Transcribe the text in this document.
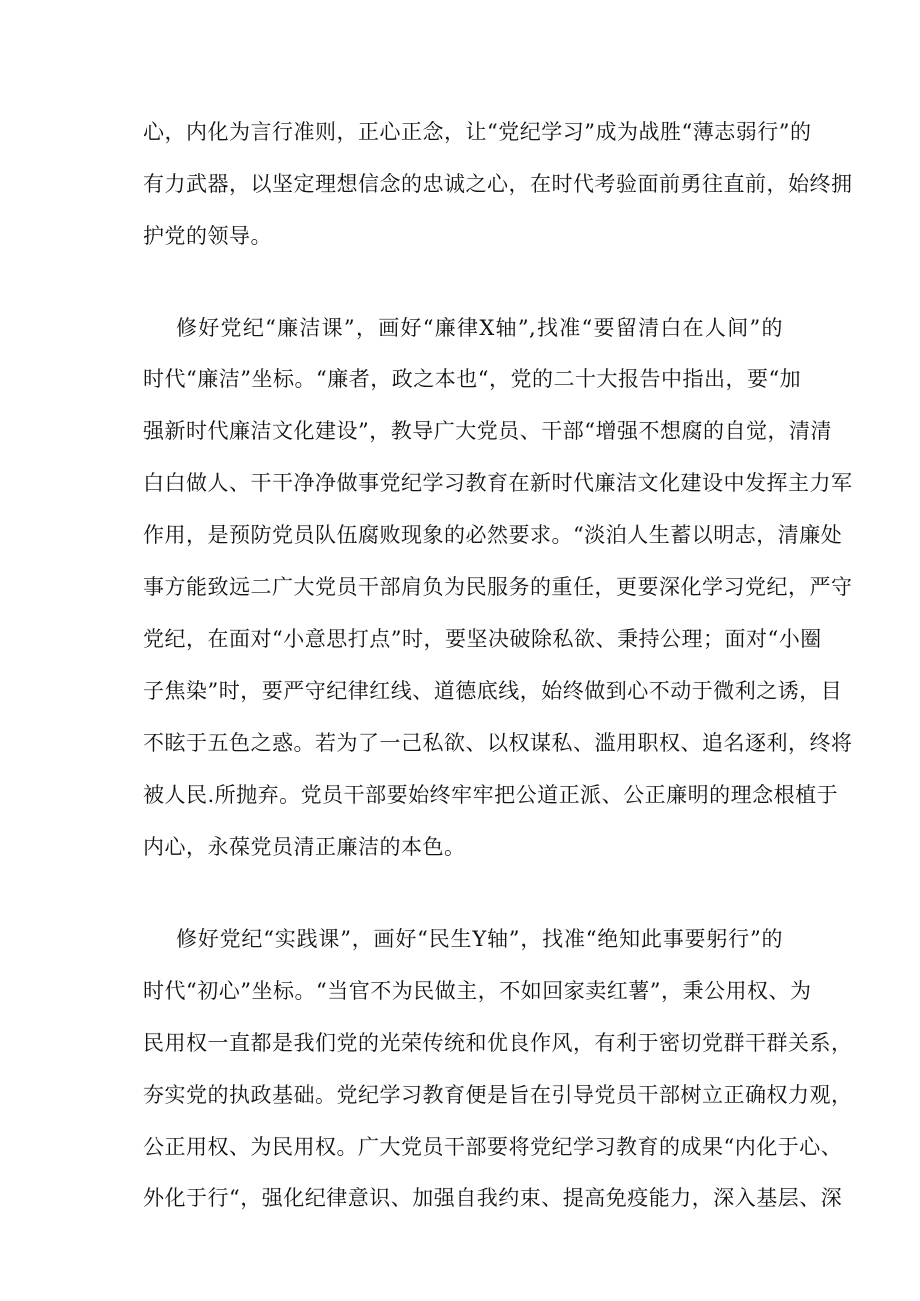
心，内化为言行准则，正心正念，让“党纪学习”成为战胜“薄志弱行”的
有力武器，以坚定理想信念的忠诚之心，在时代考验面前勇往直前，始终拥
护党的领导。
修好党纪“廉洁课”，画好“廉律X轴”,找准“要留清白在人间”的
时代“廉洁”坐标。“廉者，政之本也“，党的二十大报告中指出，要“加
强新时代廉洁文化建设”，教导广大党员、干部“增强不想腐的自觉，清清
白白做人、干干净净做事党纪学习教育在新时代廉洁文化建设中发挥主力军
作用，是预防党员队伍腐败现象的必然要求。“淡泊人生蓄以明志，清廉处
事方能致远二广大党员干部肩负为民服务的重任，更要深化学习党纪，严守
党纪，在面对“小意思打点”时，要坚决破除私欲、秉持公理；面对“小圈
子焦染”时，要严守纪律红线、道德底线，始终做到心不动于微利之诱，目
不眩于五色之惑。若为了一己私欲、以权谋私、滥用职权、追名逐利，终将
被人民.所抛弃。党员干部要始终牢牢把公道正派、公正廉明的理念根植于
内心，永葆党员清正廉洁的本色。
修好党纪“实践课”，画好“民生Y轴”，找准“绝知此事要躬行”的
时代“初心”坐标。“当官不为民做主，不如回家卖红薯”，秉公用权、为
民用权一直都是我们党的光荣传统和优良作风，有利于密切党群干群关系，
夯实党的执政基础。党纪学习教育便是旨在引导党员干部树立正确权力观，
公正用权、为民用权。广大党员干部要将党纪学习教育的成果“内化于心、
外化于行“，强化纪律意识、加强自我约束、提高免疫能力，深入基层、深
